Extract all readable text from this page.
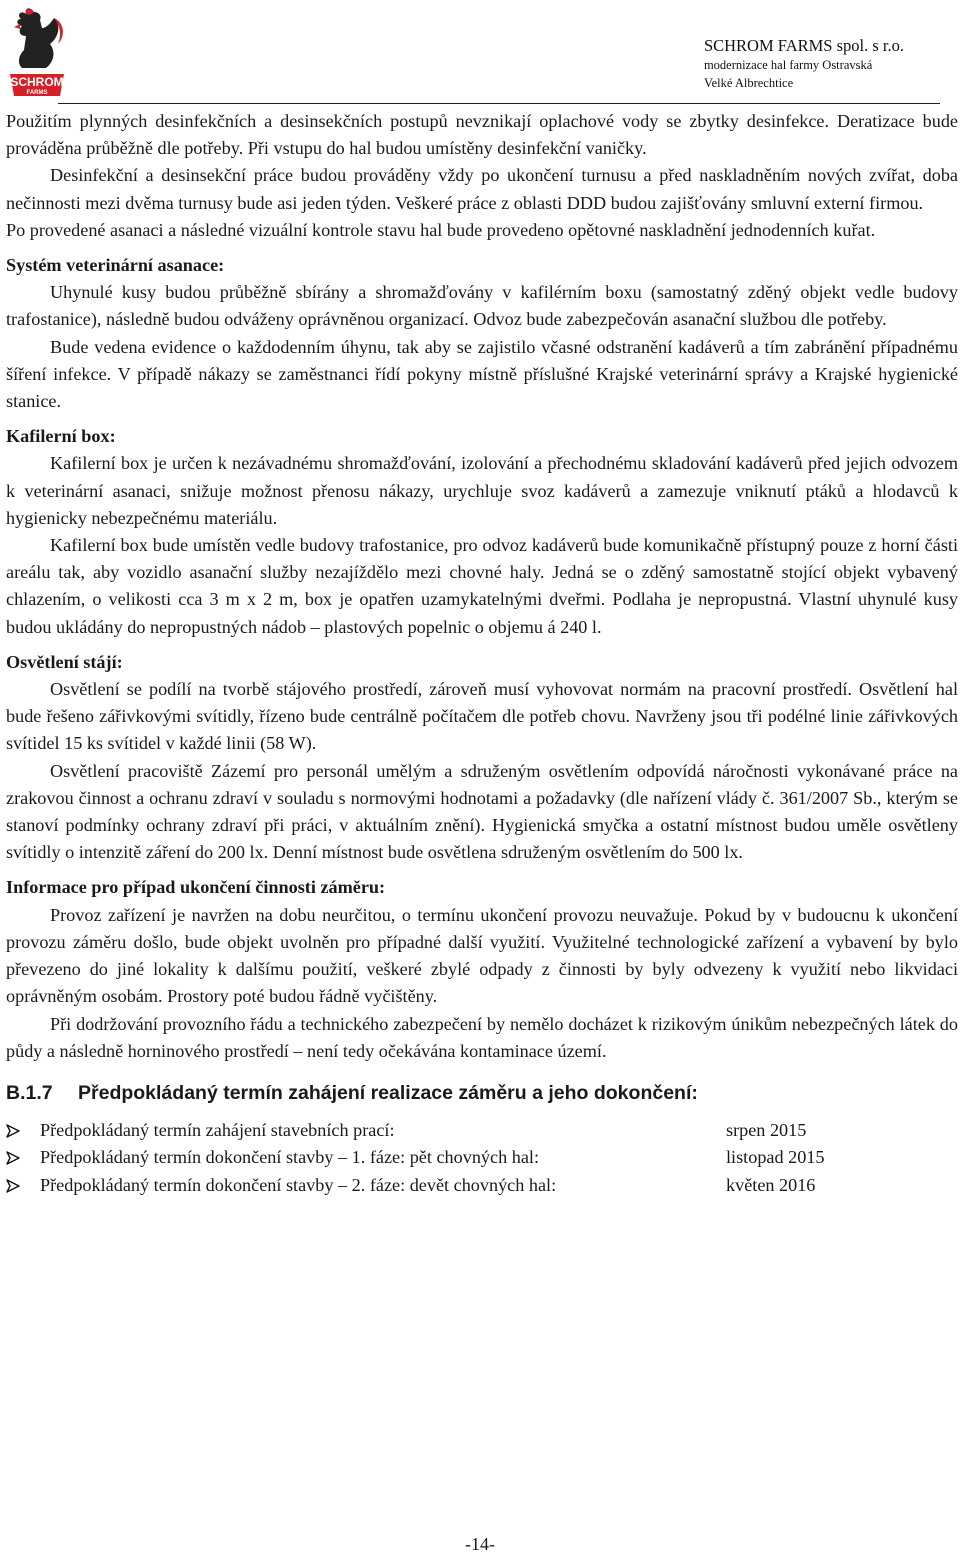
SCHROM
FARMS
SCHROM FARMS spol. s r.o.
modernizace hal farmy Ostravská
Velké Albrechtice

Použitím plynných desinfekčních a desinsekčních postupů nevznikají oplachové vody se zbytky desinfekce. Deratizace bude prováděna průběžně dle potřeby. Při vstupu do hal budou umístěny desinfekční vaničky.

Desinfekční a desinsekční práce budou prováděny vždy po ukončení turnusu a před naskladněním nových zvířat, doba nečinnosti mezi dvěma turnusy bude asi jeden týden. Veškeré práce z oblasti DDD budou zajišťovány smluvní externí firmou.

Po provedené asanaci a následné vizuální kontrole stavu hal bude provedeno opětovné naskladnění jednodenních kuřat.

Systém veterinární asanace:

Uhynulé kusy budou průběžně sbírány a shromažďovány v kafilérním boxu (samostatný zděný objekt vedle budovy trafostanice), následně budou odváženy oprávněnou organizací. Odvoz bude zabezpečován asanační službou dle potřeby.

Bude vedena evidence o každodenním úhynu, tak aby se zajistilo včasné odstranění kadáverů a tím zabránění případnému šíření infekce. V případě nákazy se zaměstnanci řídí pokyny místně příslušné Krajské veterinární správy a Krajské hygienické stanice.

Kafilerní box:

Kafilerní box je určen k nezávadnému shromažďování, izolování a přechodnému skladování kadáverů před jejich odvozem k veterinární asanaci, snižuje možnost přenosu nákazy, urychluje svoz kadáverů a zamezuje vniknutí ptáků a hlodavců k hygienicky nebezpečnému materiálu.

Kafilerní box bude umístěn vedle budovy trafostanice, pro odvoz kadáverů bude komunikačně přístupný pouze z horní části areálu tak, aby vozidlo asanační služby nezajíždělo mezi chovné haly. Jedná se o zděný samostatně stojící objekt vybavený chlazením, o velikosti cca 3 m x 2 m, box je opatřen uzamykatelnými dveřmi. Podlaha je nepropustná. Vlastní uhynulé kusy budou ukládány do nepropustných nádob – plastových popelnic o objemu á 240 l.

Osvětlení stájí:

Osvětlení se podílí na tvorbě stájového prostředí, zároveň musí vyhovovat normám na pracovní prostředí. Osvětlení hal bude řešeno zářivkovými svítidly, řízeno bude centrálně počítačem dle potřeb chovu. Navrženy jsou tři podélné linie zářivkových svítidel 15 ks svítidel v každé linii (58 W).

Osvětlení pracoviště Zázemí pro personál umělým a sdruženým osvětlením odpovídá náročnosti vykonávané práce na zrakovou činnost a ochranu zdraví v souladu s normovými hodnotami a požadavky (dle nařízení vlády č. 361/2007 Sb., kterým se stanoví podmínky ochrany zdraví při práci, v aktuálním znění). Hygienická smyčka a ostatní místnost budou uměle osvětleny svítidly o intenzitě záření do 200 lx. Denní místnost bude osvětlena sdruženým osvětlením do 500 lx.

Informace pro případ ukončení činnosti záměru:

Provoz zařízení je navržen na dobu neurčitou, o termínu ukončení provozu neuvažuje. Pokud by v budoucnu k ukončení provozu záměru došlo, bude objekt uvolněn pro případné další využití. Využitelné technologické zařízení a vybavení by bylo převezeno do jiné lokality k dalšímu použití, veškeré zbylé odpady z činnosti by byly odvezeny k využití nebo likvidaci oprávněným osobám. Prostory poté budou řádně vyčištěny.

Při dodržování provozního řádu a technického zabezpečení by nemělo docházet k rizikovým únikům nebezpečných látek do půdy a následně horninového prostředí – není tedy očekávána kontaminace území.

B.1.7 Předpokládaný termín zahájení realizace záměru a jeho dokončení:
Předpokládaný termín zahájení stavebních prací:	srpen 2015
Předpokládaný termín dokončení stavby – 1. fáze: pět chovných hal:	listopad 2015
Předpokládaný termín dokončení stavby – 2. fáze: devět chovných hal:	květen 2016
-14-
